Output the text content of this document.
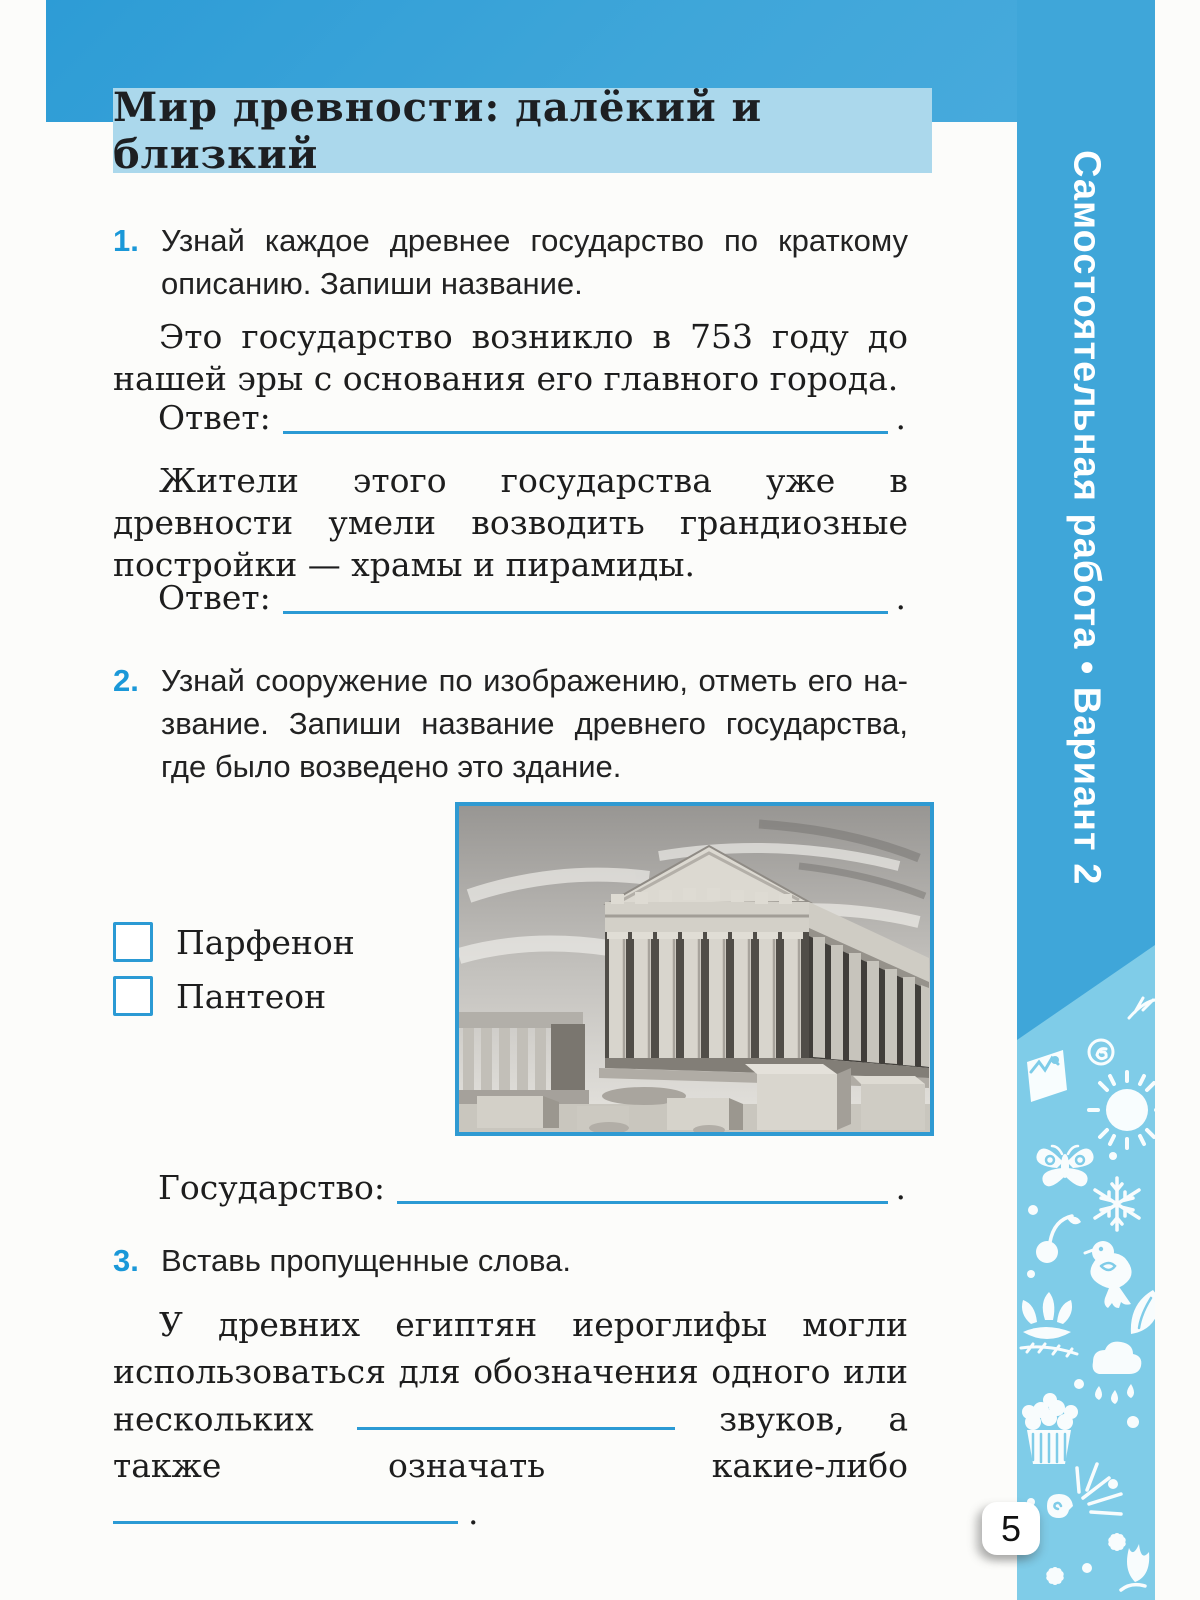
Самостоятельная работа • Вариант 2
Мир древности: далёкий и близкий
1. Узнай каждое древнее государство по краткому описанию. Запиши название.
Это государство возникло в 753 году до нашей эры с основания его главного города.
Ответ:	.
Жители этого государства уже в древности умели возводить грандиозные постройки — храмы и пирамиды.
Ответ:	.
2. Узнай сооружение по изображению, отметь его название. Запиши название древнего государства, где было возведено это здание.
Парфенон
Пантеон
Государство:	.
3. Вставь пропущенные слова.
У древних египтян иероглифы могли использоваться для обозначения одного или нескольких	звуков, а также означать какие-либо .	5
